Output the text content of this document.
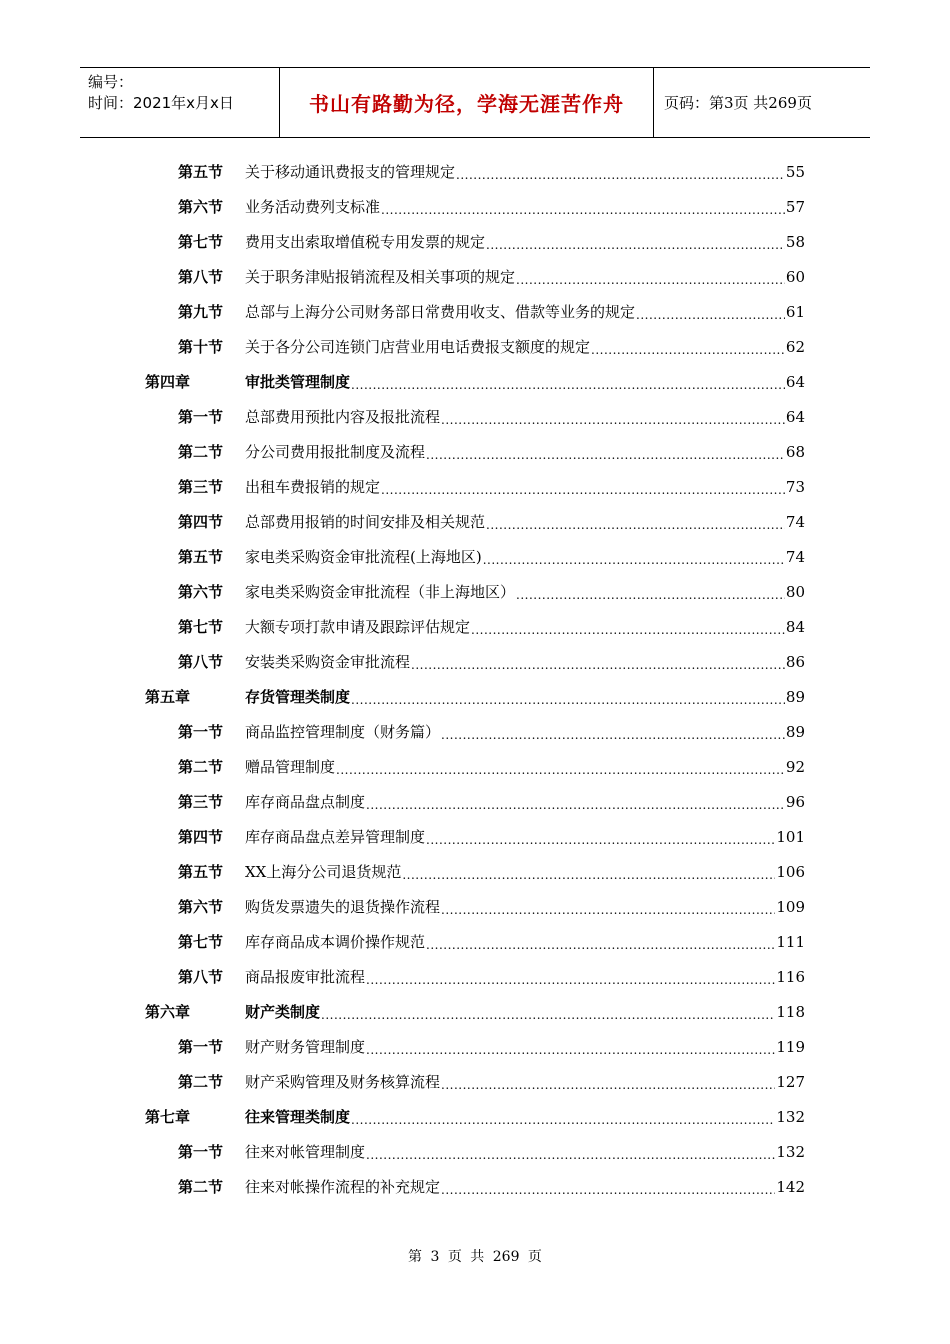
编号：
时间：2021年x月x日	书山有路勤为径，学海无涯苦作舟	页码：第3页 共269页
第五节	关于移动通讯费报支的管理规定 .....	55
第六节	业务活动费列支标准 .....	57
第七节	费用支出索取增值税专用发票的规定 .....	58
第八节	关于职务津贴报销流程及相关事项的规定 .....	60
第九节	总部与上海分公司财务部日常费用收支、借款等业务的规定 .....	61
第十节	关于各分公司连锁门店营业用电话费报支额度的规定 .....	62
第四章	审批类管理制度 .....	64
第一节	总部费用预批内容及报批流程 .....	64
第二节	分公司费用报批制度及流程 .....	68
第三节	出租车费报销的规定 .....	73
第四节	总部费用报销的时间安排及相关规范 .....	74
第五节	家电类采购资金审批流程(上海地区) .....	74
第六节	家电类采购资金审批流程（非上海地区） .....	80
第七节	大额专项打款申请及跟踪评估规定 .....	84
第八节	安装类采购资金审批流程 .....	86
第五章	存货管理类制度 .....	89
第一节	商品监控管理制度（财务篇） .....	89
第二节	赠品管理制度 .....	92
第三节	库存商品盘点制度 .....	96
第四节	库存商品盘点差异管理制度 .....	101
第五节	XX上海分公司退货规范 .....	106
第六节	购货发票遗失的退货操作流程 .....	109
第七节	库存商品成本调价操作规范 .....	111
第八节	商品报废审批流程 .....	116
第六章	财产类制度 .....	118
第一节	财产财务管理制度 .....	119
第二节	财产采购管理及财务核算流程 .....	127
第七章	往来管理类制度 .....	132
第一节	往来对帐管理制度 .....	132
第二节	往来对帐操作流程的补充规定 .....	142
第 3 页 共 269 页
